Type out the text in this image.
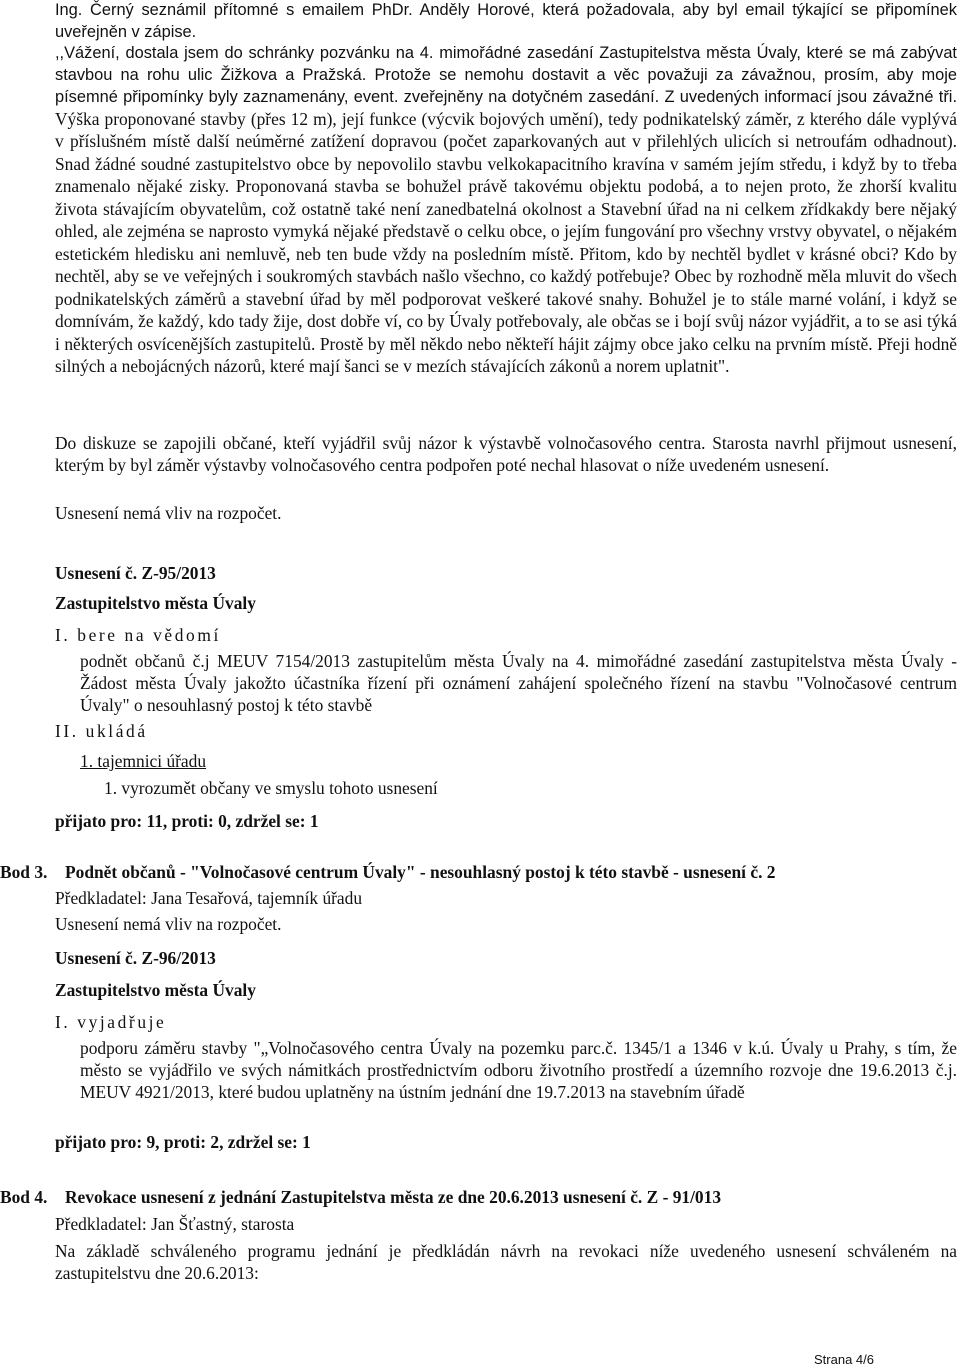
Ing. Černý seznámil přítomné s emailem PhDr. Anděly Horové, která požadovala, aby byl email týkající se připomínek uveřejněn v zápise.

,,Vážení, dostala jsem do schránky pozvánku na 4. mimořádné zasedání Zastupitelstva města Úvaly, které se má zabývat stavbou na rohu ulic Žižkova a Pražská. Protože se nemohu dostavit a věc považuji za závažnou, prosím, aby moje písemné připomínky byly zaznamenány, event. zveřejněny na dotyčném zasedání. Z uvedených informací jsou závažné tři. Výška proponované stavby (přes 12 m), její funkce (výcvik bojových umění), tedy podnikatelský záměr, z kterého dále vyplývá v příslušném místě další neúměrné zatížení dopravou (počet zaparkovaných aut v přilehlých ulicích si netroufám odhadnout). Snad žádné soudné zastupitelstvo obce by nepovolilo stavbu velkokapacitního kravína v samém jejím středu, i když by to třeba znamenalo nějaké zisky. Proponovaná stavba se bohužel právě takovému objektu podobá, a to nejen proto, že zhorší kvalitu života stávajícím obyvatelům, což ostatně také není zanedbatelná okolnost a Stavební úřad na ni celkem zřídkakdy bere nějaký ohled, ale zejména se naprosto vymyká nějaké představě o celku obce, o jejím fungování pro všechny vrstvy obyvatel, o nějakém estetickém hledisku ani nemluvě, neb ten bude vždy na posledním místě. Přitom, kdo by nechtěl bydlet v krásné obci? Kdo by nechtěl, aby se ve veřejných i soukromých stavbách našlo všechno, co každý potřebuje? Obec by rozhodně měla mluvit do všech podnikatelských záměrů a stavební úřad by měl podporovat veškeré takové snahy. Bohužel je to stále marné volání, i když se domnívám, že každý, kdo tady žije, dost dobře ví, co by Úvaly potřebovaly, ale občas se i bojí svůj názor vyjádřit, a to se asi týká i některých osvícenějších zastupitelů. Prostě by měl někdo nebo někteří hájit zájmy obce jako celku na prvním místě. Přeji hodně silných a nebojácných názorů, které mají šanci se v mezích stávajících zákonů a norem uplatnit".

Do diskuze se zapojili občané, kteří vyjádřil svůj názor k výstavbě volnočasového centra. Starosta navrhl přijmout usnesení, kterým by byl záměr výstavby volnočasového centra podpořen poté nechal hlasovat o níže uvedeném usnesení.

Usnesení nemá vliv na rozpočet.

Usnesení č. Z-95/2013

Zastupitelstvo města Úvaly

I. bere na vědomí

podnět občanů č.j MEUV 7154/2013 zastupitelům města Úvaly na 4. mimořádné zasedání zastupitelstva města Úvaly - Žádost města Úvaly jakožto účastníka řízení při oznámení zahájení společného řízení na stavbu "Volnočasové centrum Úvaly" o nesouhlasný postoj k této stavbě

II. ukládá

1. tajemnici úřadu

1. vyrozumět občany ve smyslu tohoto usnesení

přijato pro: 11, proti: 0, zdržel se: 1

Bod 3. Podnět občanů - "Volnočasové centrum Úvaly" - nesouhlasný postoj k této stavbě - usnesení č. 2

Předkladatel: Jana Tesařová, tajemník úřadu

Usnesení nemá vliv na rozpočet.

Usnesení č. Z-96/2013

Zastupitelstvo města Úvaly

I. vyjadřuje

podporu záměru stavby "„Volnočasového centra Úvaly na pozemku parc.č. 1345/1 a 1346 v k.ú. Úvaly u Prahy, s tím, že město se vyjádřilo ve svých námitkách prostřednictvím odboru životního prostředí a územního rozvoje dne 19.6.2013 č.j. MEUV 4921/2013, které budou uplatněny na ústním jednání dne 19.7.2013 na stavebním úřadě

přijato pro: 9, proti: 2, zdržel se: 1

Bod 4. Revokace usnesení z jednání Zastupitelstva města ze dne 20.6.2013 usnesení č. Z - 91/013

Předkladatel: Jan Šťastný, starosta

Na základě schváleného programu jednání je předkládán návrh na revokaci níže uvedeného usnesení schváleném na zastupitelstvu dne 20.6.2013:

Strana 4/6
